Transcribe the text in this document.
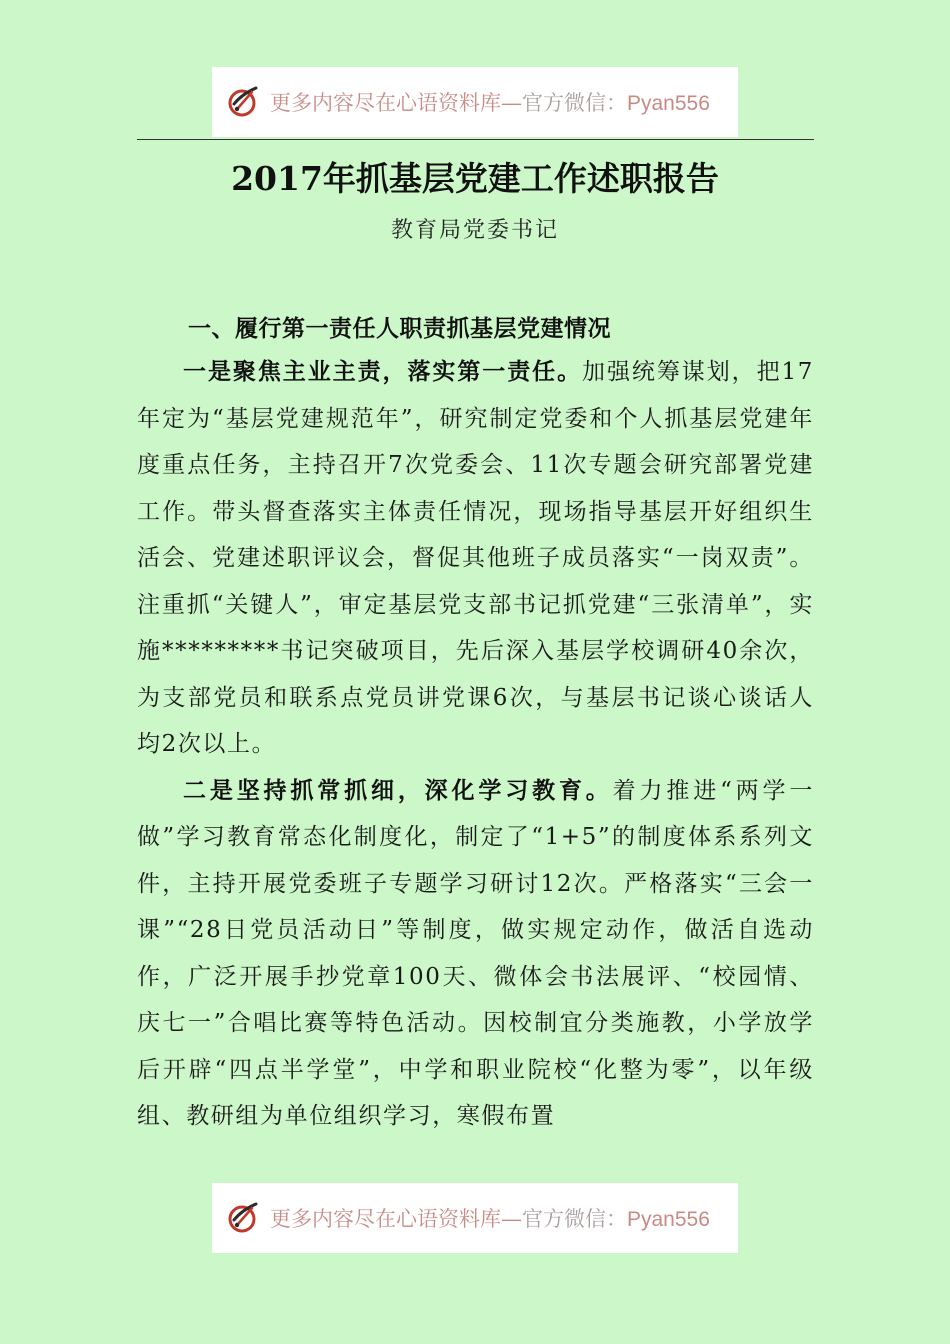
更多内容尽在心语资料库—官方微信：Pyan556
2017年抓基层党建工作述职报告
教育局党委书记
一、履行第一责任人职责抓基层党建情况

一是聚焦主业主责，落实第一责任。加强统筹谋划，把17年定为“基层党建规范年”，研究制定党委和个人抓基层党建年度重点任务，主持召开7次党委会、11次专题会研究部署党建工作。带头督查落实主体责任情况，现场指导基层开好组织生活会、党建述职评议会，督促其他班子成员落实“一岗双责”。注重抓“关键人”，审定基层党支部书记抓党建“三张清单”，实施*********书记突破项目，先后深入基层学校调研40余次，为支部党员和联系点党员讲党课6次，与基层书记谈心谈话人均2次以上。

二是坚持抓常抓细，深化学习教育。着力推进“两学一做”学习教育常态化制度化，制定了“1+5”的制度体系系列文件，主持开展党委班子专题学习研讨12次。严格落实“三会一课”“28日党员活动日”等制度，做实规定动作，做活自选动作，广泛开展手抄党章100天、微体会书法展评、“校园情、庆七一”合唱比赛等特色活动。因校制宜分类施教，小学放学后开辟“四点半学堂”，中学和职业院校“化整为零”，以年级组、教研组为单位组织学习，寒假布置

更多内容尽在心语资料库—官方微信：Pyan556
